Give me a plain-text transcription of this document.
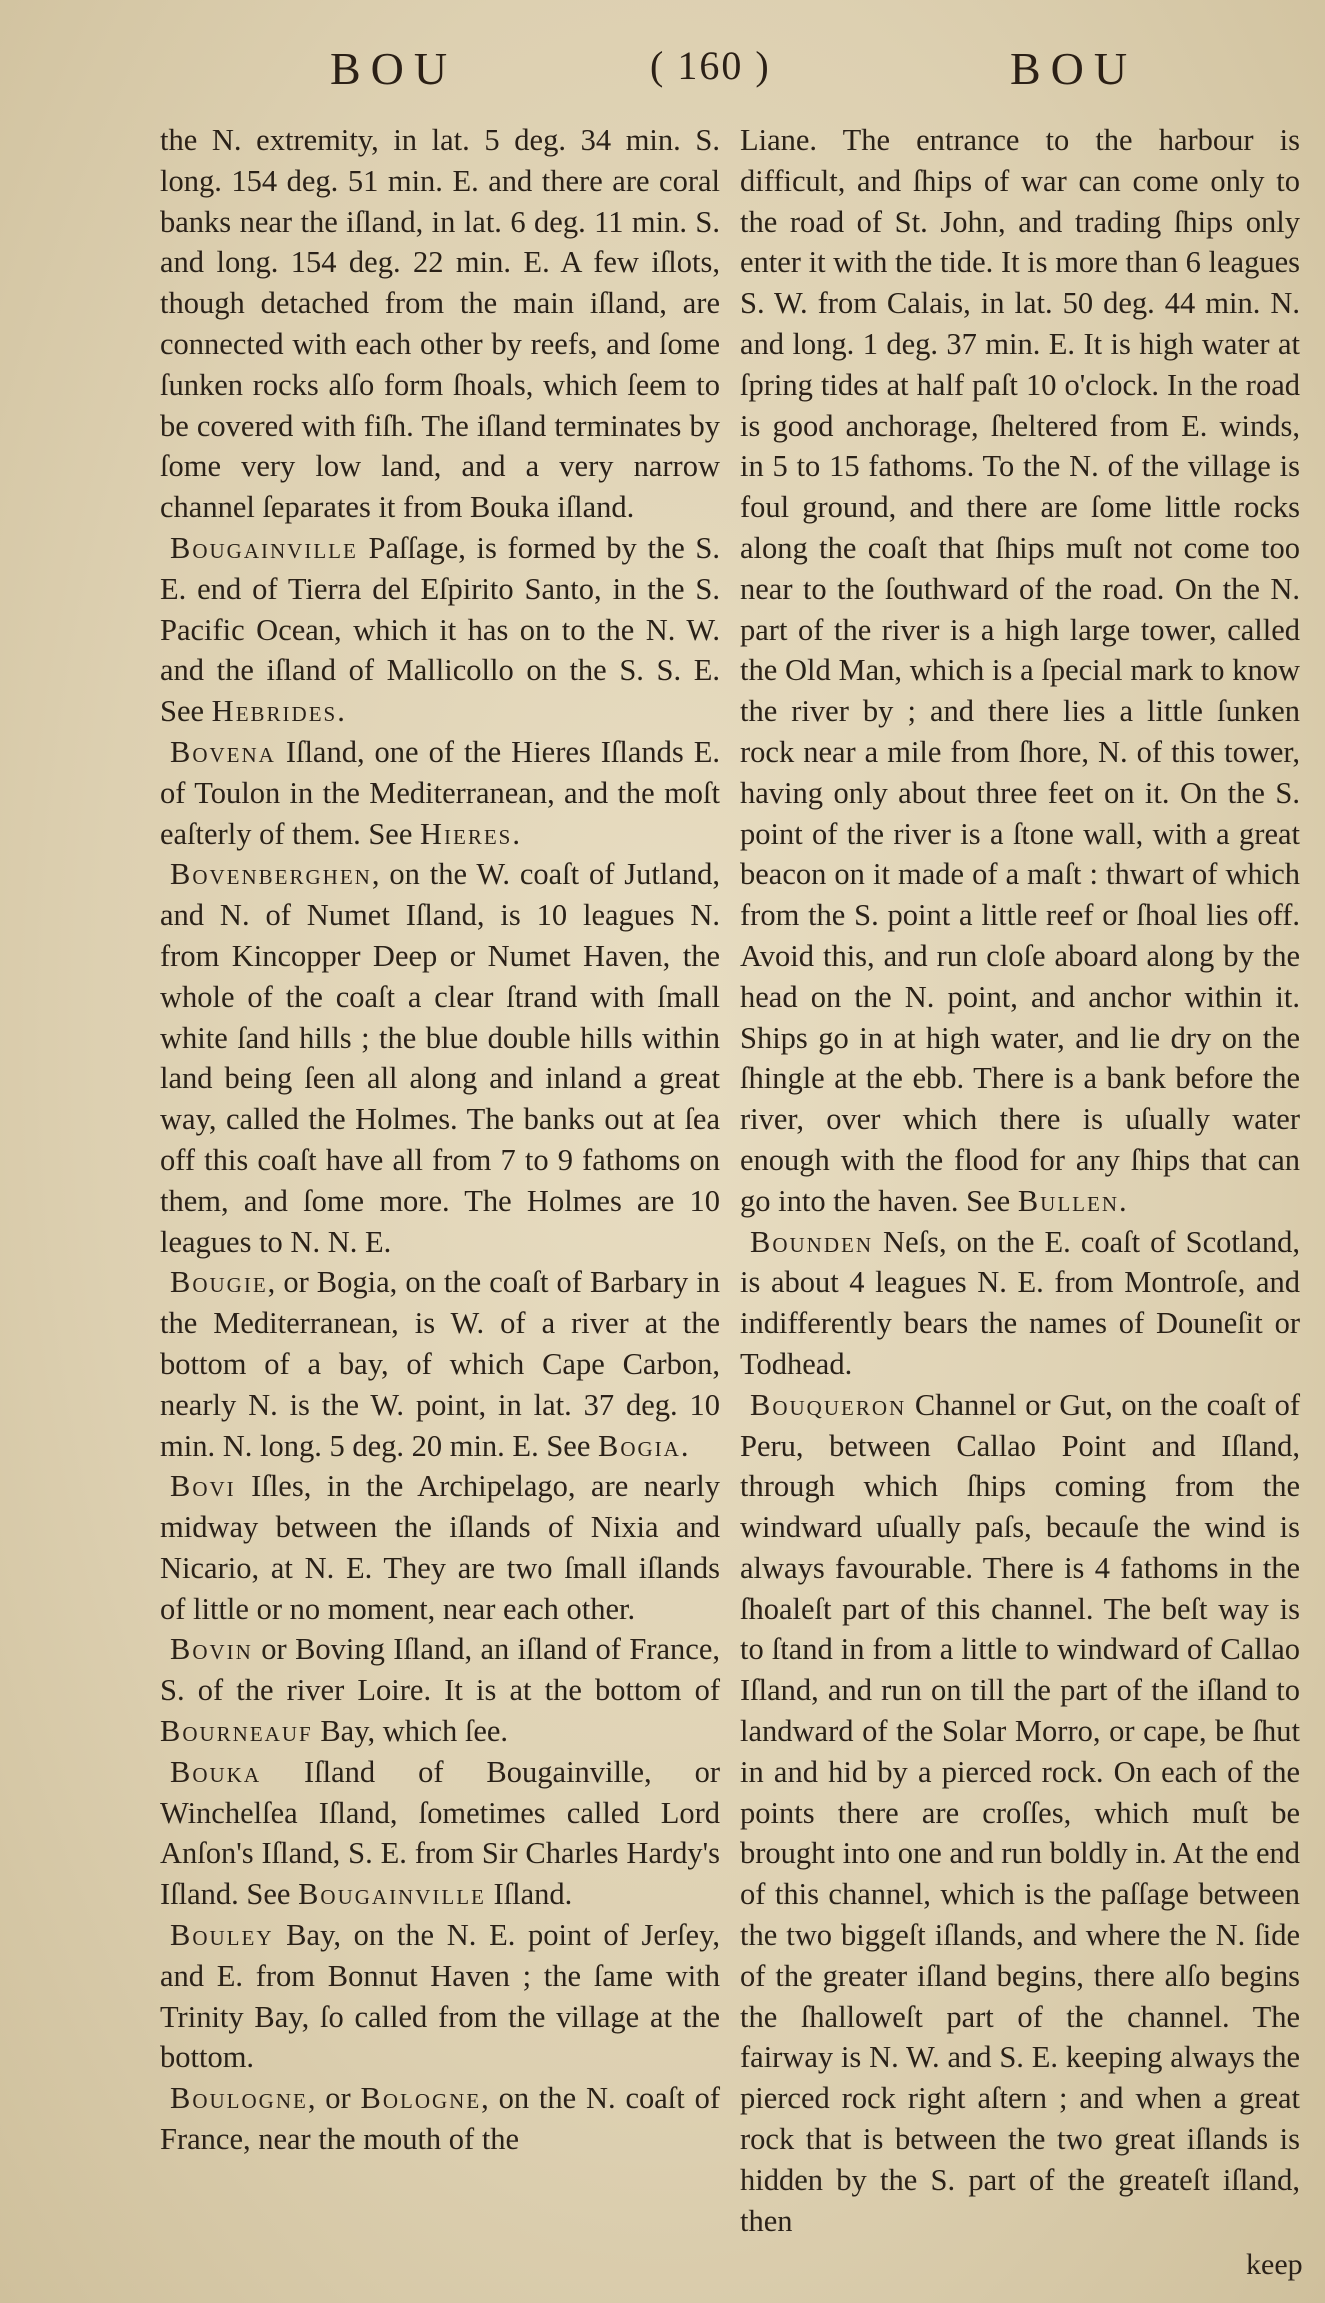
BOU	( 160 )	BOU

the N. extremity, in lat. 5 deg. 34 min. S. long. 154 deg. 51 min. E. and there are coral banks near the iſland, in lat. 6 deg. 11 min. S. and long. 154 deg. 22 min. E. A few iſlots, though detached from the main iſland, are connected with each other by reefs, and ſome ſunken rocks alſo form ſhoals, which ſeem to be covered with fiſh. The iſland terminates by ſome very low land, and a very narrow channel ſeparates it from Bouka iſland.

Bougainville Paſſage, is formed by the S. E. end of Tierra del Eſpirito Santo, in the S. Pacific Ocean, which it has on to the N. W. and the iſland of Mallicollo on the S. S. E. See Hebrides.

Bovena Iſland, one of the Hieres Iſlands E. of Toulon in the Mediterranean, and the moſt eaſterly of them. See Hieres.

Bovenberghen, on the W. coaſt of Jutland, and N. of Numet Iſland, is 10 leagues N. from Kincopper Deep or Numet Haven, the whole of the coaſt a clear ſtrand with ſmall white ſand hills ; the blue double hills within land being ſeen all along and inland a great way, called the Holmes. The banks out at ſea off this coaſt have all from 7 to 9 fathoms on them, and ſome more. The Holmes are 10 leagues to N. N. E.

Bougie, or Bogia, on the coaſt of Barbary in the Mediterranean, is W. of a river at the bottom of a bay, of which Cape Carbon, nearly N. is the W. point, in lat. 37 deg. 10 min. N. long. 5 deg. 20 min. E. See Bogia.

Bovi Iſles, in the Archipelago, are nearly midway between the iſlands of Nixia and Nicario, at N. E. They are two ſmall iſlands of little or no moment, near each other.

Bovin or Boving Iſland, an iſland of France, S. of the river Loire. It is at the bottom of Bourneauf Bay, which ſee.

Bouka Iſland of Bougainville, or Winchelſea Iſland, ſometimes called Lord Anſon's Iſland, S. E. from Sir Charles Hardy's Iſland. See Bougainville Iſland.

Bouley Bay, on the N. E. point of Jerſey, and E. from Bonnut Haven ; the ſame with Trinity Bay, ſo called from the village at the bottom.

Boulogne, or Bologne, on the N. coaſt of France, near the mouth of the

Liane. The entrance to the harbour is difficult, and ſhips of war can come only to the road of St. John, and trading ſhips only enter it with the tide. It is more than 6 leagues S. W. from Calais, in lat. 50 deg. 44 min. N. and long. 1 deg. 37 min. E. It is high water at ſpring tides at half paſt 10 o'clock. In the road is good anchorage, ſheltered from E. winds, in 5 to 15 fathoms. To the N. of the village is foul ground, and there are ſome little rocks along the coaſt that ſhips muſt not come too near to the ſouthward of the road. On the N. part of the river is a high large tower, called the Old Man, which is a ſpecial mark to know the river by ; and there lies a little ſunken rock near a mile from ſhore, N. of this tower, having only about three feet on it. On the S. point of the river is a ſtone wall, with a great beacon on it made of a maſt : thwart of which from the S. point a little reef or ſhoal lies off. Avoid this, and run cloſe aboard along by the head on the N. point, and anchor within it. Ships go in at high water, and lie dry on the ſhingle at the ebb. There is a bank before the river, over which there is uſually water enough with the flood for any ſhips that can go into the haven. See Bullen.

Bounden Neſs, on the E. coaſt of Scotland, is about 4 leagues N. E. from Montroſe, and indifferently bears the names of Douneſit or Todhead.

Bouqueron Channel or Gut, on the coaſt of Peru, between Callao Point and Iſland, through which ſhips coming from the windward uſually paſs, becauſe the wind is always favourable. There is 4 fathoms in the ſhoaleſt part of this channel. The beſt way is to ſtand in from a little to windward of Callao Iſland, and run on till the part of the iſland to landward of the Solar Morro, or cape, be ſhut in and hid by a pierced rock. On each of the points there are croſſes, which muſt be brought into one and run boldly in. At the end of this channel, which is the paſſage between the two biggeſt iſlands, and where the N. ſide of the greater iſland begins, there alſo begins the ſhalloweſt part of the channel. The fairway is N. W. and S. E. keeping always the pierced rock right aſtern ; and when a great rock that is between the two great iſlands is hidden by the S. part of the greateſt iſland, then

keep
